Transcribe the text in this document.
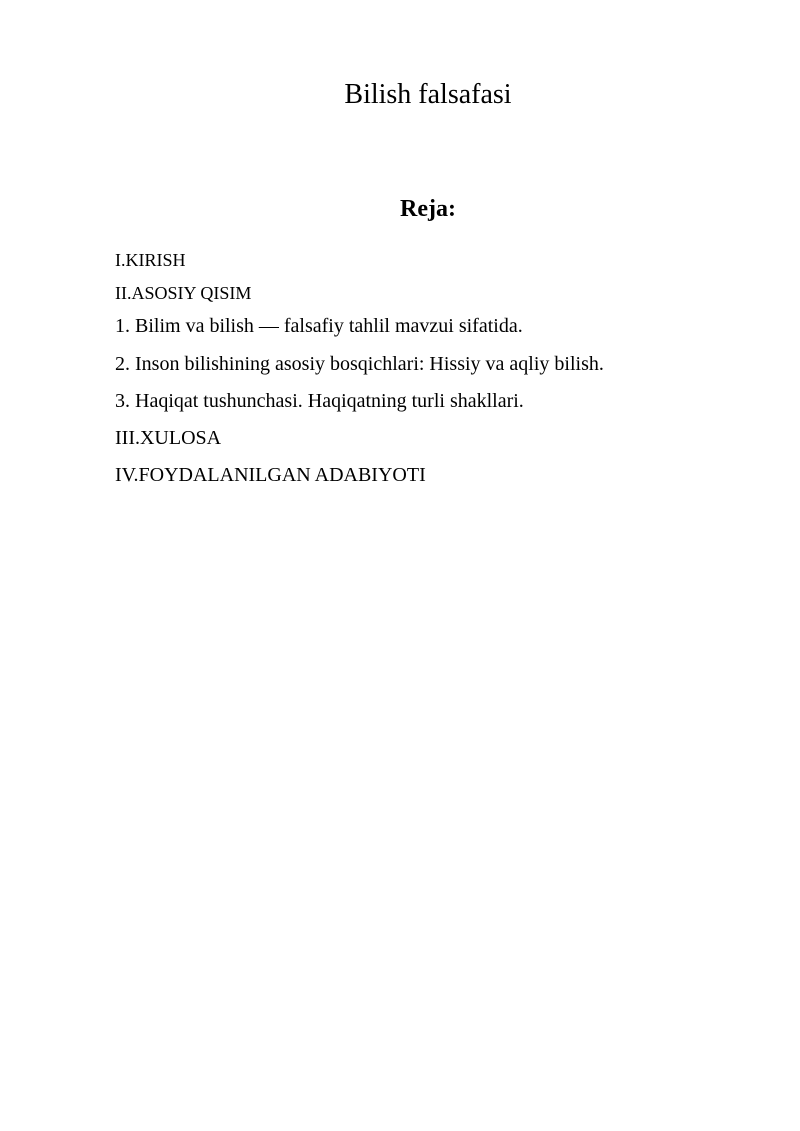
Bilish falsafasi
Reja:

I.KIRISH

II.ASOSIY QISIM

1. Bilim va bilish — falsafiy tahlil mavzui sifatida.

2. Inson bilishining asosiy bosqichlari: Hissiy va aqliy bilish.

3. Haqiqat tushunchasi. Haqiqatning turli shakllari.

III.XULOSA

IV.FOYDALANILGAN ADABIYOTI
